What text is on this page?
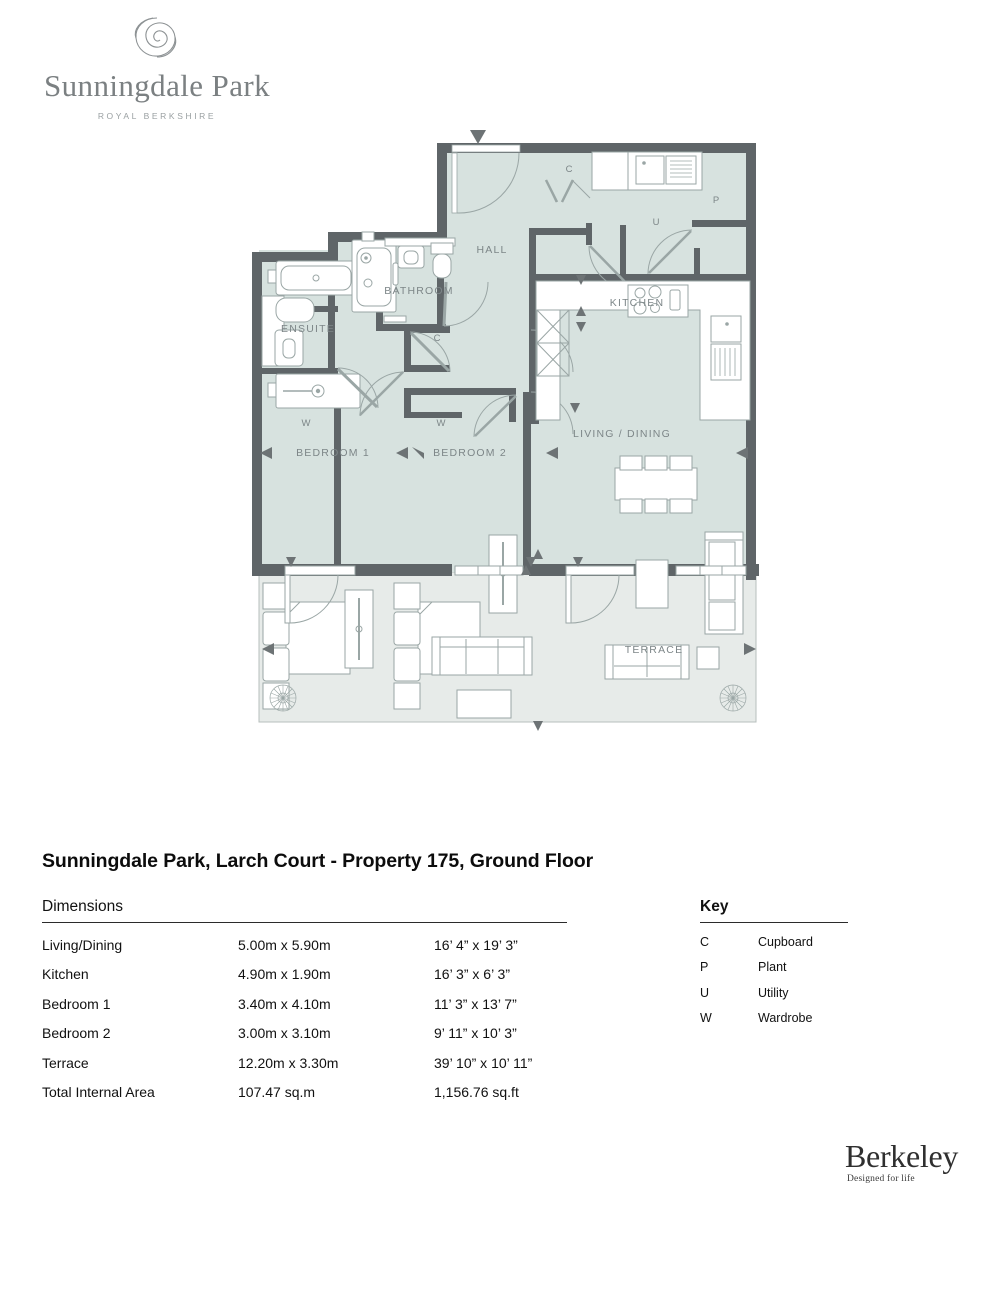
Sunningdale Park
ROYAL BERKSHIRE
HALL
BATHROOM
ENSUITE
KITCHEN
LIVING / DINING
BEDROOM 1	BEDROOM 2
TERRACE
C
C
P
U
W	W
Sunningdale Park, Larch Court - Property 175, Ground Floor
Dimensions
Living/Dining	5.00m x 5.90m	16’ 4” x 19’ 3”
Kitchen	4.90m x 1.90m	16’ 3” x 6’ 3”
Bedroom 1	3.40m x 4.10m	11’ 3” x 13’ 7”
Bedroom 2	3.00m x 3.10m	9’ 11” x 10’ 3”
Terrace	12.20m x 3.30m	39’ 10” x 10’ 11”
Total Internal Area	107.47 sq.m	1,156.76 sq.ft
Key
C	Cupboard
P	Plant
U	Utility
W	Wardrobe
Berkeley
Designed for life
